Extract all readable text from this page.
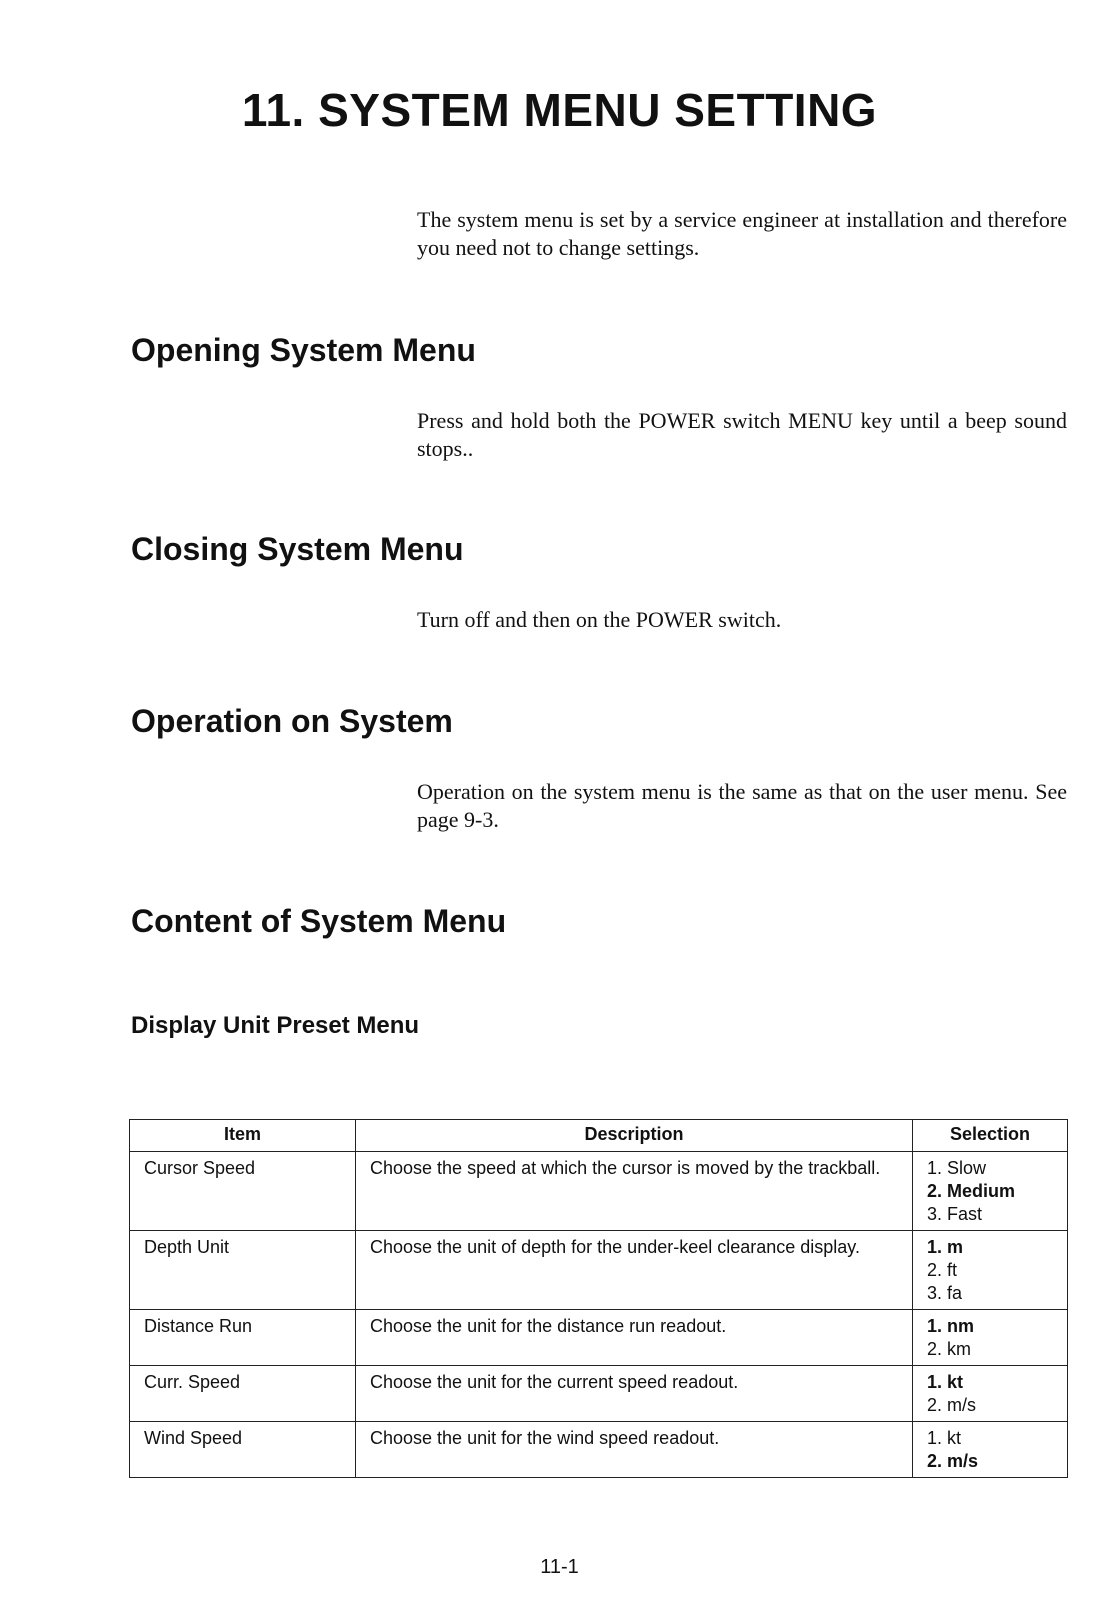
11. SYSTEM MENU SETTING

The system menu is set by a service engineer at installation and therefore you need not to change settings.

Opening System Menu

Press and hold both the POWER switch MENU key until a beep sound stops..

Closing System Menu

Turn off and then on the POWER switch.

Operation on System

Operation on the system menu is the same as that on the user menu. See page 9-3.

Content of System Menu
Display Unit Preset Menu
Item	Description	Selection
Cursor Speed	Choose the speed at which the cursor is moved by the trackball.	1. Slow
2. Medium
3. Fast

Depth Unit	Choose the unit of depth for the under-keel clearance display.	1. m
2. ft
3. fa

Distance Run	Choose the unit for the distance run readout.	1. nm
2. km

Curr. Speed	Choose the unit for the current speed readout.	1. kt
2. m/s

Wind Speed	Choose the unit for the wind speed readout.	1. kt
2. m/s
11-1
